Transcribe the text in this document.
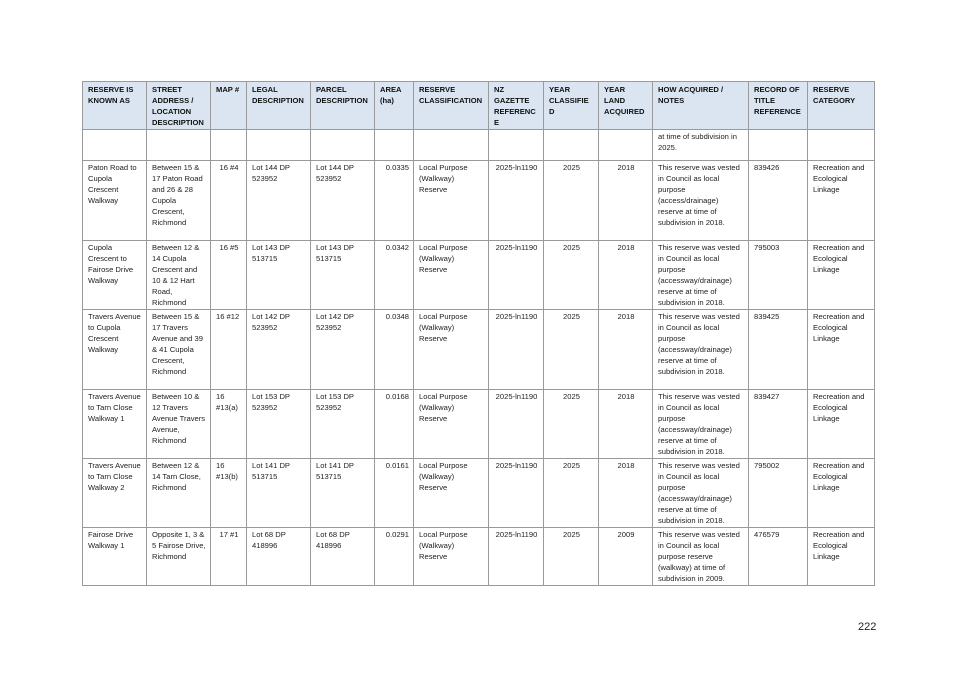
RESERVE IS KNOWN AS	STREET ADDRESS / LOCATION DESCRIPTION	MAP #	LEGAL DESCRIPTION	PARCEL DESCRIPTION	AREA (ha)	RESERVE CLASSIFICATION	NZ GAZETTE REFERENCE	YEAR CLASSIFIED	YEAR LAND ACQUIRED	HOW ACQUIRED / NOTES	RECORD OF TITLE REFERENCE	RESERVE CATEGORY
										at time of subdivision in 2025.		
Paton Road to Cupola Crescent Walkway	Between 15 & 17 Paton Road and 26 & 28 Cupola Crescent, Richmond	16 #4	Lot 144 DP 523952	Lot 144 DP 523952	0.0335	Local Purpose (Walkway) Reserve	2025-ln1190	2025	2018	This reserve was vested in Council as local purpose (access/drainage) reserve at time of subdivision in 2018.	839426	Recreation and Ecological Linkage
Cupola Crescent to Fairose Drive Walkway	Between 12 & 14 Cupola Crescent and 10 & 12 Hart Road, Richmond	16 #5	Lot 143 DP 513715	Lot 143 DP 513715	0.0342	Local Purpose (Walkway) Reserve	2025-ln1190	2025	2018	This reserve was vested in Council as local purpose (accessway/drainage) reserve at time of subdivision in 2018.	795003	Recreation and Ecological Linkage
Travers Avenue to Cupola Crescent Walkway	Between 15 & 17 Travers Avenue and 39 & 41 Cupola Crescent, Richmond	16 #12	Lot 142 DP 523952	Lot 142 DP 523952	0.0348	Local Purpose (Walkway) Reserve	2025-ln1190	2025	2018	This reserve was vested in Council as local purpose (accessway/drainage) reserve at time of subdivision in 2018.	839425	Recreation and Ecological Linkage
Travers Avenue to Tarn Close Walkway 1	Between 10 & 12 Travers Avenue Travers Avenue, Richmond	16 #13(a)	Lot 153 DP 523952	Lot 153 DP 523952	0.0168	Local Purpose (Walkway) Reserve	2025-ln1190	2025	2018	This reserve was vested in Council as local purpose (accessway/drainage) reserve at time of subdivision in 2018.	839427	Recreation and Ecological Linkage
Travers Avenue to Tarn Close Walkway 2	Between 12 & 14 Tarn Close, Richmond	16 #13(b)	Lot 141 DP 513715	Lot 141 DP 513715	0.0161	Local Purpose (Walkway) Reserve	2025-ln1190	2025	2018	This reserve was vested in Council as local purpose (accessway/drainage) reserve at time of subdivision in 2018.	795002	Recreation and Ecological Linkage
Fairose Drive Walkway 1	Opposite 1, 3 & 5 Fairose Drive, Richmond	17 #1	Lot 68 DP 418996	Lot 68 DP 418996	0.0291	Local Purpose (Walkway) Reserve	2025-ln1190	2025	2009	This reserve was vested in Council as local purpose reserve (walkway) at time of subdivision in 2009.	476579	Recreation and Ecological Linkage
222
